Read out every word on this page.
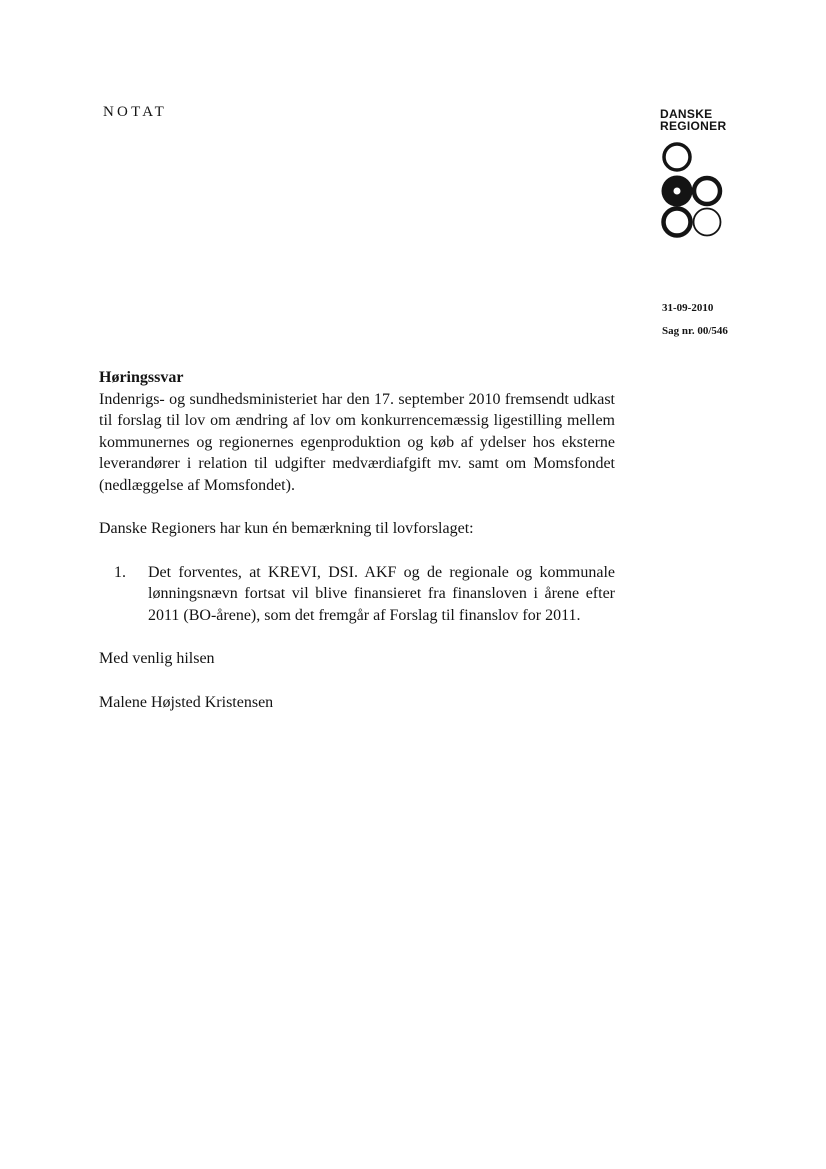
NOTAT	DANSKE
REGIONER
31-09-2010
Sag nr. 00/546

Høringssvar

Indenrigs- og sundhedsministeriet har den 17. september 2010 fremsendt udkast til forslag til lov om ændring af lov om konkurrencemæssig ligestilling mellem kommunernes og regionernes egenproduktion og køb af ydelser hos eksterne leverandører i relation til udgifter medværdiafgift mv. samt om Momsfondet (nedlæggelse af Momsfondet).

Danske Regioners har kun én bemærkning til lovforslaget:

1.	Det forventes, at KREVI, DSI. AKF og de regionale og kommunale lønningsnævn fortsat vil blive finansieret fra finansloven i årene efter 2011 (BO-årene), som det fremgår af Forslag til finanslov for 2011.

Med venlig hilsen

Malene Højsted Kristensen
